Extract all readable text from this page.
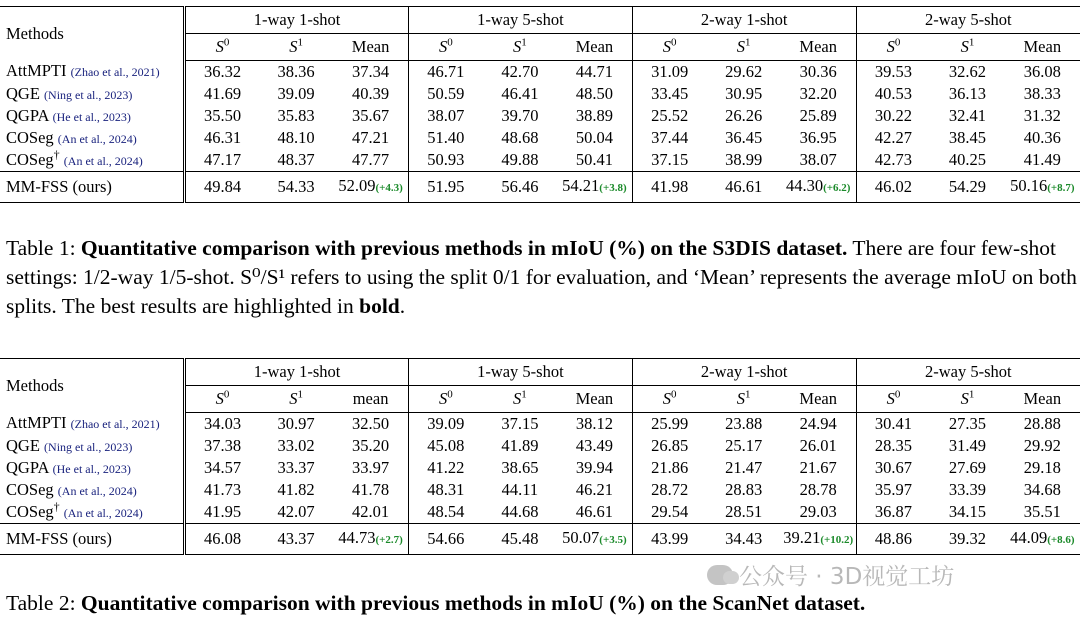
Methods	1-way 1-shot			1-way 5-shot			2-way 1-shot			2-way 5-shot		
	$S^0$	$S^1$	Mean	$S^0$	$S^1$	Mean	$S^0$	$S^1$	Mean	$S^0$	$S^1$	Mean
AttMPTI (Zhao et al., 2021)	36.32	38.36	37.34	46.71	42.70	44.71	31.09	29.62	30.36	39.53	32.62	36.08
QGE (Ning et al., 2023)	41.69	39.09	40.39	50.59	46.41	48.50	33.45	30.95	32.20	40.53	36.13	38.33
QGPA (He et al., 2023)	35.50	35.83	35.67	38.07	39.70	38.89	25.52	26.26	25.89	30.22	32.41	31.32
COSeg (An et al., 2024)	46.31	48.10	47.21	51.40	48.68	50.04	37.44	36.45	36.95	42.27	38.45	40.36
COSeg† (An et al., 2024)	47.17	48.37	47.77	50.93	49.88	50.41	37.15	38.99	38.07	42.73	40.25	41.49
MM-FSS (ours)	49.84	54.33	52.09(+4.3)	51.95	56.46	54.21(+3.8)	41.98	46.61	44.30(+6.2)	46.02	54.29	50.16(+8.7)
Table 1: Quantitative comparison with previous methods in mIoU (%) on the S3DIS dataset. There are four few-shot settings: 1/2-way 1/5-shot. S⁰/S¹ refers to using the split 0/1 for evaluation, and ‘Mean’ represents the average mIoU on both splits. The best results are highlighted in bold.
Methods	1-way 1-shot			1-way 5-shot			2-way 1-shot			2-way 5-shot		
	$S^0$	$S^1$	mean	$S^0$	$S^1$	Mean	$S^0$	$S^1$	Mean	$S^0$	$S^1$	Mean
AttMPTI (Zhao et al., 2021)	34.03	30.97	32.50	39.09	37.15	38.12	25.99	23.88	24.94	30.41	27.35	28.88
QGE (Ning et al., 2023)	37.38	33.02	35.20	45.08	41.89	43.49	26.85	25.17	26.01	28.35	31.49	29.92
QGPA (He et al., 2023)	34.57	33.37	33.97	41.22	38.65	39.94	21.86	21.47	21.67	30.67	27.69	29.18
COSeg (An et al., 2024)	41.73	41.82	41.78	48.31	44.11	46.21	28.72	28.83	28.78	35.97	33.39	34.68
COSeg† (An et al., 2024)	41.95	42.07	42.01	48.54	44.68	46.61	29.54	28.51	29.03	36.87	34.15	35.51
MM-FSS (ours)	46.08	43.37	44.73(+2.7)	54.66	45.48	50.07(+3.5)	43.99	34.43	39.21(+10.2)	48.86	39.32	44.09(+8.6)
公众号 · 3D视觉工坊
Table 2: Quantitative comparison with previous methods in mIoU (%) on the ScanNet dataset.
